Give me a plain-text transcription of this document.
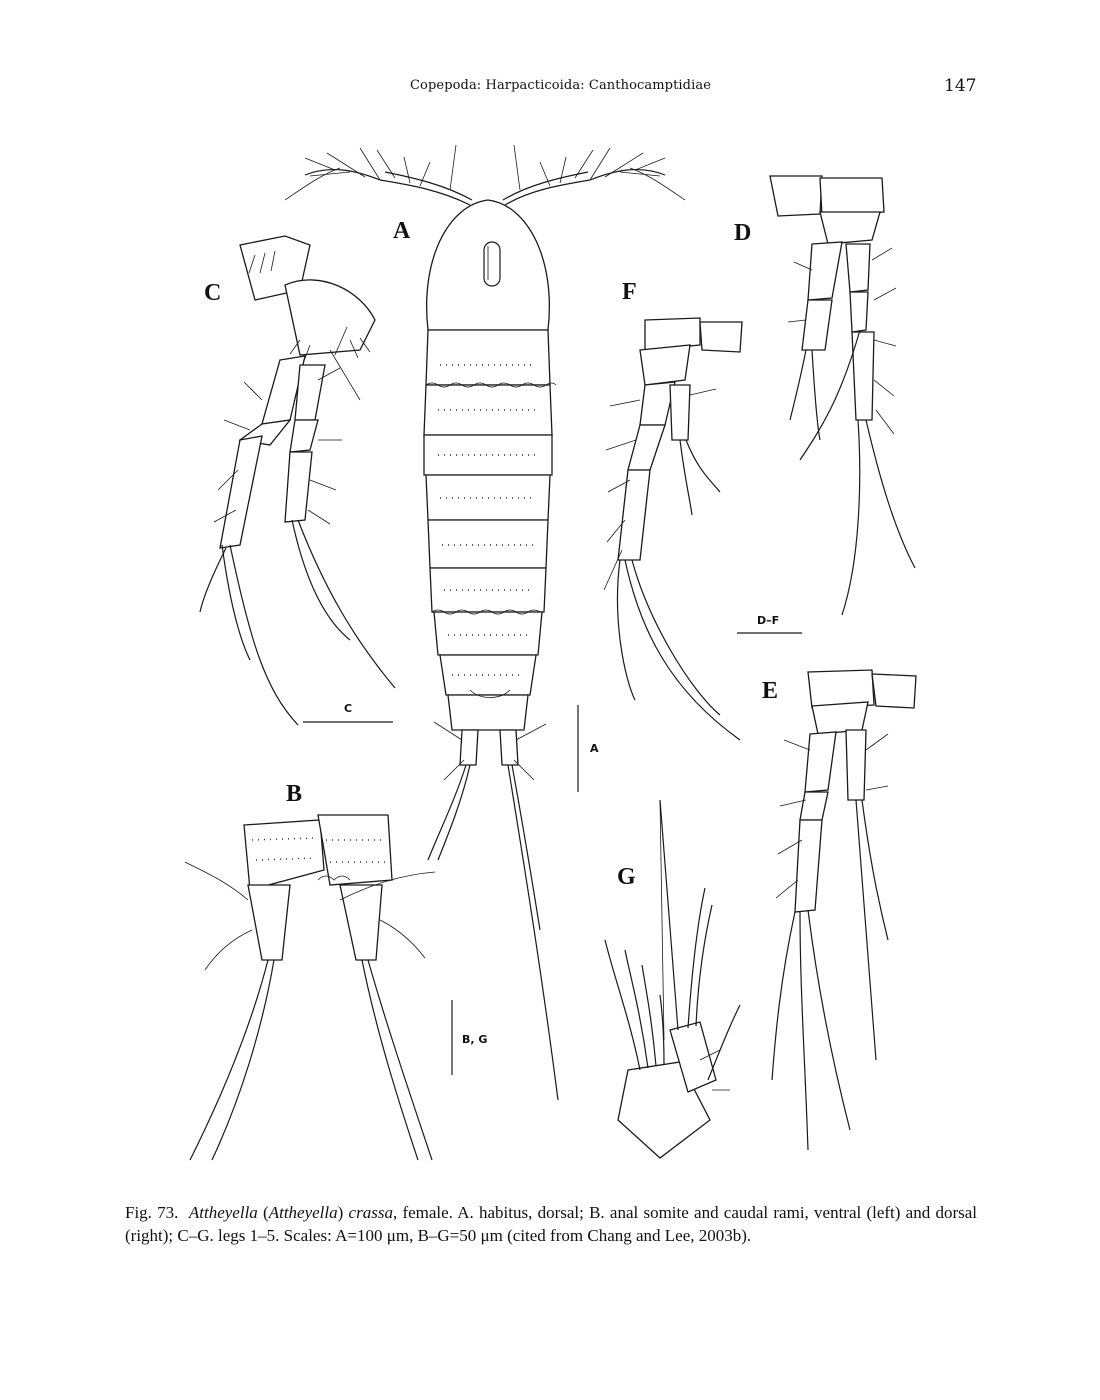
Copepoda: Harpacticoida: Canthocamptidiae	147
A
A
C
C
B
B, G
F
D
D–F
E
G
Fig. 73. Attheyella (Attheyella) crassa, female. A. habitus, dorsal; B. anal somite and caudal rami, ventral (left) and dorsal (right); C–G. legs 1–5. Scales: A=100 μm, B–G=50 μm (cited from Chang and Lee, 2003b).
